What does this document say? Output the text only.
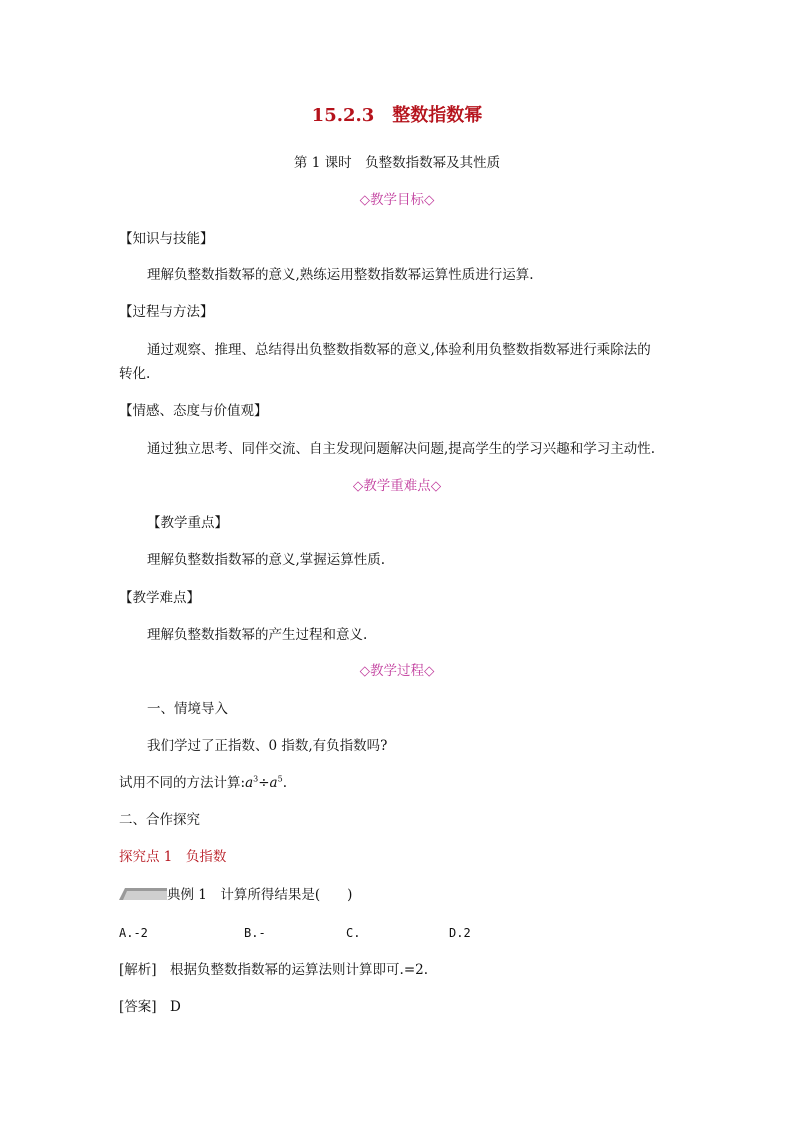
15.2.3　整数指数幂
第 1 课时　负整数指数幂及其性质
◇教学目标◇
【知识与技能】
理解负整数指数幂的意义,熟练运用整数指数幂运算性质进行运算.
【过程与方法】
通过观察、推理、总结得出负整数指数幂的意义,体验利用负整数指数幂进行乘除法的
转化.
【情感、态度与价值观】
通过独立思考、同伴交流、自主发现问题解决问题,提高学生的学习兴趣和学习主动性.
◇教学重难点◇
【教学重点】
理解负整数指数幂的意义,掌握运算性质.
【教学难点】
理解负整数指数幂的产生过程和意义.
◇教学过程◇
一、情境导入
我们学过了正指数、0 指数,有负指数吗?
试用不同的方法计算$:a^3\div a^5$.
二、合作探究
探究点 1　负指数
典例 1　计算所得结果是(　　)
A.-2	B.-	C.	D.2
[解析]　根据负整数指数幂的运算法则计算即可.=2.
[答案]　D
